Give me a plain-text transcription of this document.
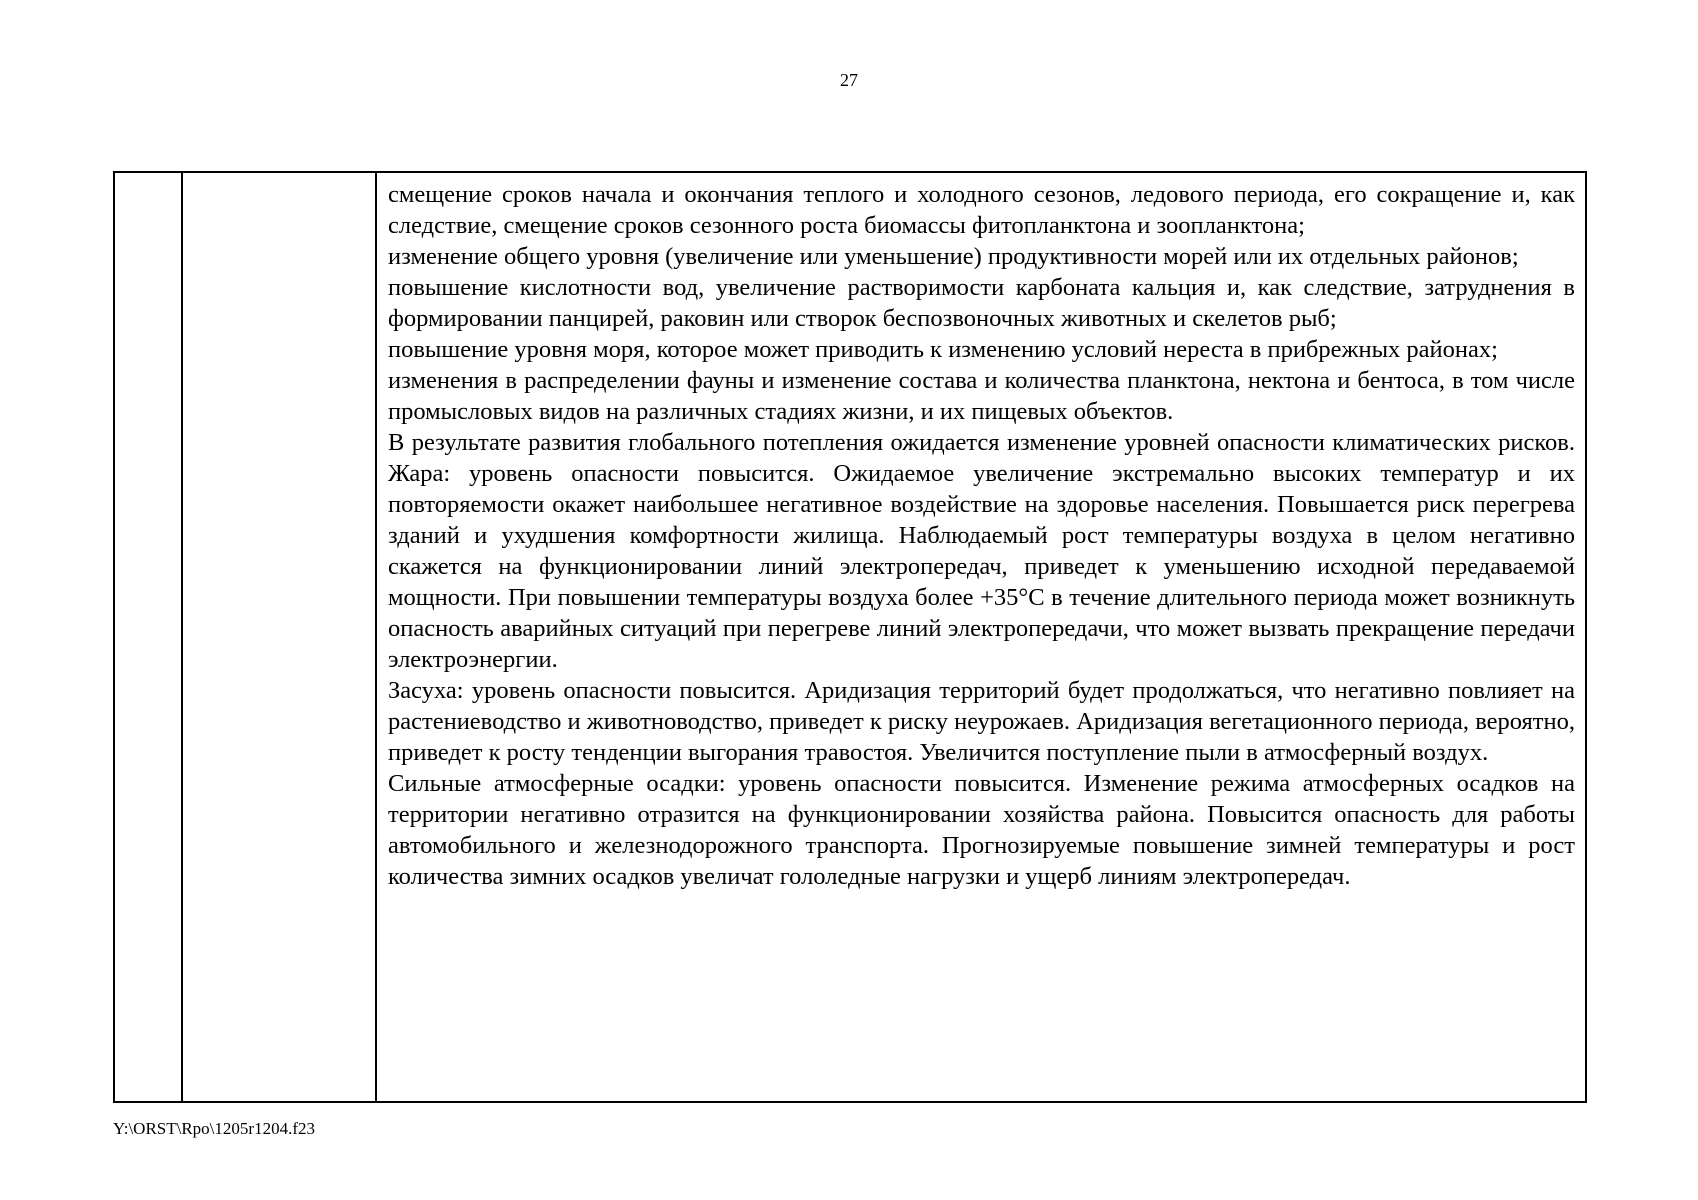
27

смещение сроков начала и окончания теплого и холодного сезонов, ледового периода, его сокращение и, как следствие, смещение сроков сезонного роста биомассы фитопланктона и зоопланктона;

изменение общего уровня (увеличение или уменьшение) продуктивности морей или их отдельных районов;

повышение кислотности вод, увеличение растворимости карбоната кальция и, как следствие, затруднения в формировании панцирей, раковин или створок беспозвоночных животных и скелетов рыб;

повышение уровня моря, которое может приводить к изменению условий нереста в прибрежных районах;

изменения в распределении фауны и изменение состава и количества планктона, нектона и бентоса, в том числе промысловых видов на различных стадиях жизни, и их пищевых объектов.

В результате развития глобального потепления ожидается изменение уровней опасности климатических рисков. Жара: уровень опасности повысится. Ожидаемое увеличение экстремально высоких температур и их повторяемости окажет наибольшее негативное воздействие на здоровье населения. Повышается риск перегрева зданий и ухудшения комфортности жилища. Наблюдаемый рост температуры воздуха в целом негативно скажется на функционировании линий электропередач, приведет к уменьшению исходной передаваемой мощности. При повышении температуры воздуха более +35°С в течение длительного периода может возникнуть опасность аварийных ситуаций при перегреве линий электропередачи, что может вызвать прекращение передачи электроэнергии.

Засуха: уровень опасности повысится. Аридизация территорий будет продолжаться, что негативно повлияет на растениеводство и животноводство, приведет к риску неурожаев. Аридизация вегетационного периода, вероятно, приведет к росту тенденции выгорания травостоя. Увеличится поступление пыли в атмосферный воздух.

Сильные атмосферные осадки: уровень опасности повысится. Изменение режима атмосферных осадков на территории негативно отразится на функционировании хозяйства района. Повысится опасность для работы автомобильного и железнодорожного транспорта. Прогнозируемые повышение зимней температуры и рост количества зимних осадков увеличат гололедные нагрузки и ущерб линиям электропередач.

Y:\ORST\Rpo\1205r1204.f23
